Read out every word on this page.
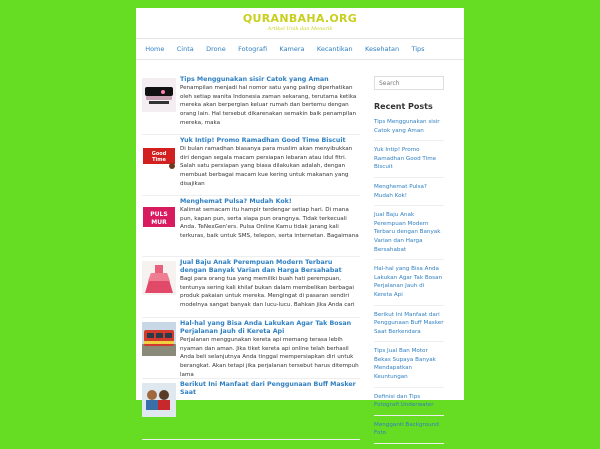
QURANBAHA.ORG
Artikel Unik dan Menarik
Home	Cinta	Drone	Fotografi	Kamera	Kecantikan	Kesehatan	Tips
Tips Menggunakan sisir Catok yang Aman
Penampilan menjadi hal nomor satu yang paling diperhatikan oleh setiap wanita Indonesia zaman sekarang, terutama ketika mereka akan berpergian keluar rumah dan bertemu dengan orang lain. Hal tersebut dikarenakan semakin baik penampilan mereka, maka
Good
Time
Yuk Intip! Promo Ramadhan Good Time Biscuit
Di bulan ramadhan biasanya para muslim akan menyibukkan diri dengan segala macam persiapan lebaran atau idul fitri. Salah satu persiapan yang biasa dilakukan adalah, dengan membuat berbagai macam kue kering untuk makanan yang disajikan
PULS
MUR
Menghemat Pulsa? Mudah Kok!
Kalimat semacam itu hampir terdengar setiap hari. Di mana pun, kapan pun, serta siapa pun orangnya. Tidak terkecuali Anda. TeNexGen'ers. Pulsa Online Kamu tidak jarang kali terkuras, baik untuk SMS, telepon, serta internetan. Bagaimana
Jual Baju Anak Perempuan Modern Terbaru dengan Banyak Varian dan Harga Bersahabat
Bagi para orang tua yang memiliki buah hati perempuan, tentunya sering kali khilaf bukan dalam membelikan berbagai produk pakaian untuk mereka. Mengingat di pasaran sendiri modelnya sangat banyak dan lucu-lucu. Bahkan jika Anda cari
Hal-hal yang Bisa Anda Lakukan Agar Tak Bosan Perjalanan Jauh di Kereta Api
Perjalanan menggunakan kereta api memang terasa lebih nyaman dan aman. Jika tiket kereta api online telah berhasil Anda beli selanjutnya Anda tinggal mempersiapkan diri untuk berangkat. Akan tetapi jika perjalanan tersebut harus ditempuh lama
Berikut Ini Manfaat dari Penggunaan Buff Masker Saat
Search
Recent Posts
Tips Menggunakan sisir Catok yang Aman
Yuk Intip! Promo Ramadhan Good Time Biscuit
Menghemat Pulsa? Mudah Kok!
Jual Baju Anak Perempuan Modern Terbaru dengan Banyak Varian dan Harga Bersahabat
Hal-hal yang Bisa Anda Lakukan Agar Tak Bosan Perjalanan Jauh di Kereta Api
Berikut Ini Manfaat dari Penggunaan Buff Masker Saat Berkendara
Tips Jual Ban Motor Bekas Supaya Banyak Mendapatkan Keuntungan
Definisi dan Tips Fotografi Underwater
Mengganti Background Foto
